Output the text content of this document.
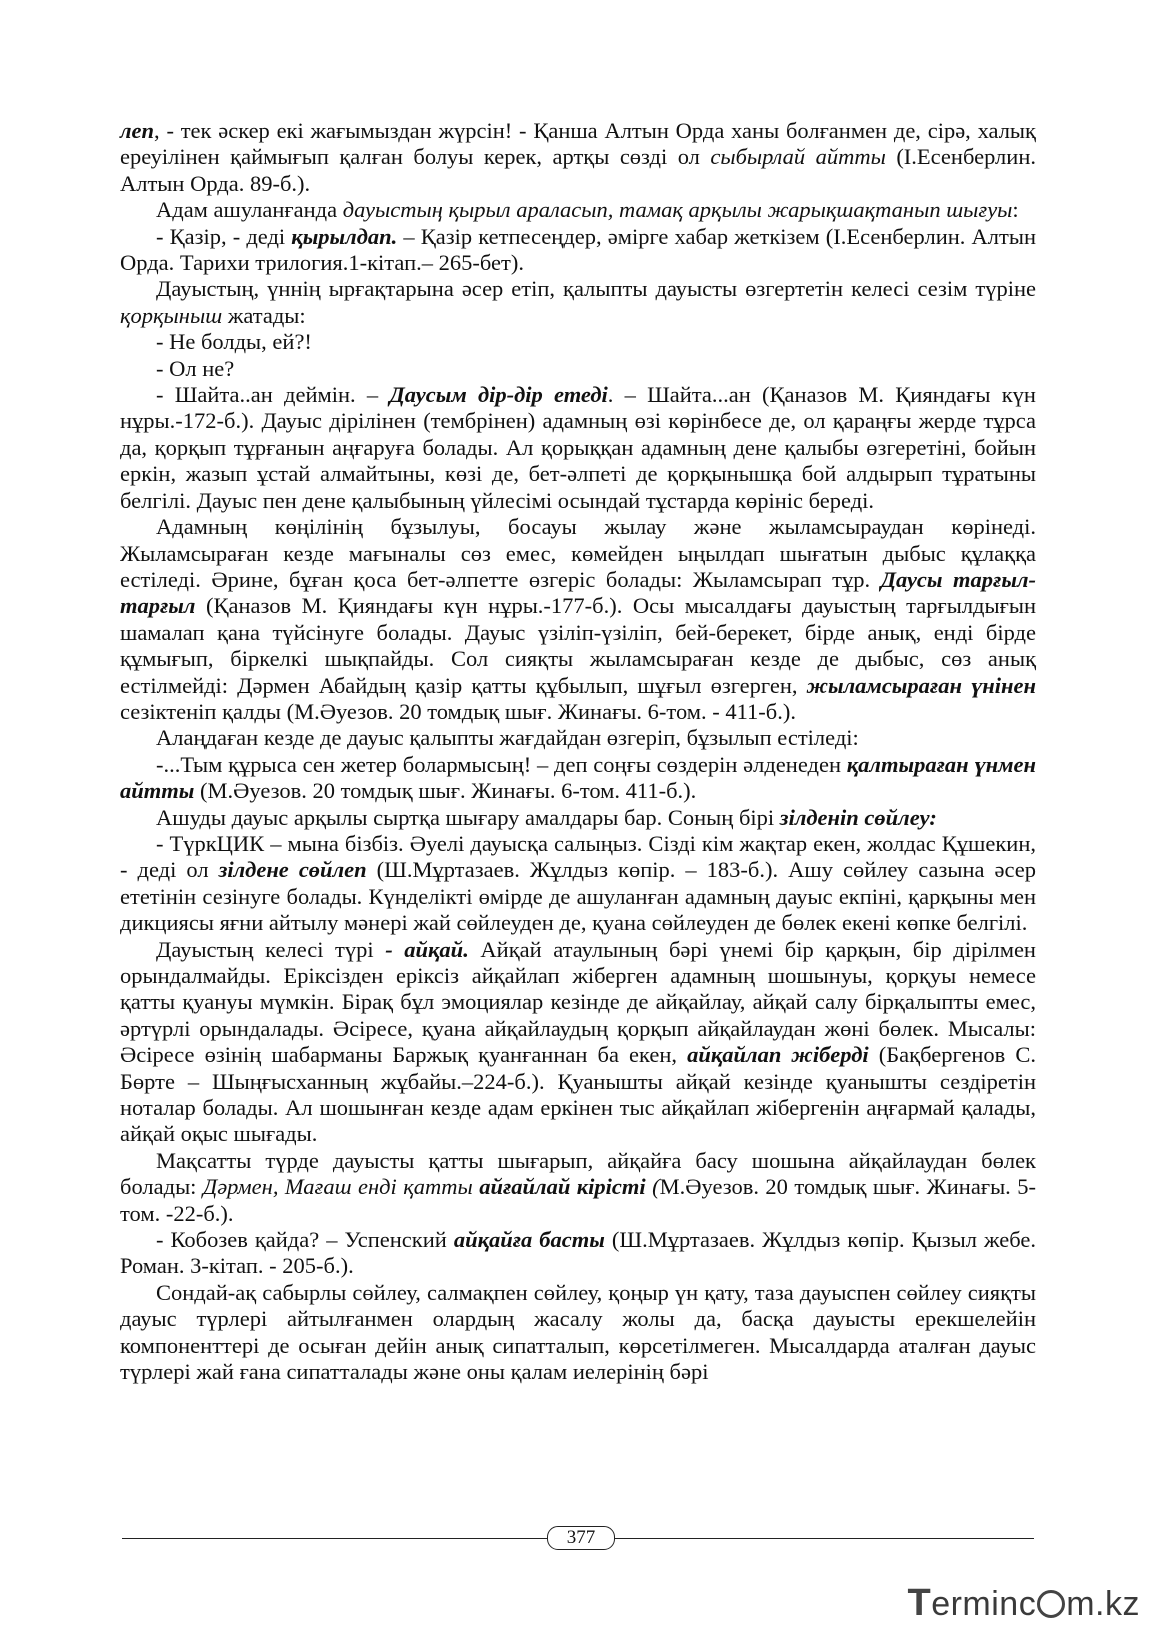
леп, - тек әскер екі жағымыздан жүрсін! - Қанша Алтын Орда ханы болғанмен де, сірә, халық ереуілінен қаймығып қалған болуы керек, артқы сөзді ол сыбырлай айтты (І.Есенберлин. Алтын Орда. 89-б.).

Адам ашуланғанда дауыстың қырыл араласып, тамақ арқылы жарықшақтанып шығуы:

- Қазір, - деді қырылдап. – Қазір кетпесеңдер, әмірге хабар жеткізем (І.Есенберлин. Алтын Орда. Тарихи трилогия.1-кітап.– 265-бет).

Дауыстың, үннің ырғақтарына әсер етіп, қалыпты дауысты өзгертетін келесі сезім түріне қорқыныш жатады:

- Не болды, ей?!

- Ол не?

- Шайта..ан деймін. – Даусым дір-дір етеді. – Шайта...ан (Қаназов М. Қияндағы күн нұры.-172-б.). Дауыс дірілінен (тембрінен) адамның өзі көрінбесе де, ол қараңғы жерде тұрса да, қорқып тұрғанын аңғаруға болады. Ал қорыққан адамның дене қалыбы өзгеретіні, бойын еркін, жазып ұстай алмайтыны, көзі де, бет-әлпеті де қорқынышқа бой алдырып тұратыны белгілі. Дауыс пен дене қалыбының үйлесімі осындай тұстарда көрініс береді.

Адамның көңілінің бұзылуы, босауы жылау және жыламсыраудан көрінеді. Жыламсыраған кезде мағыналы сөз емес, көмейден ыңылдап шығатын дыбыс құлаққа естіледі. Әрине, бұған қоса бет-әлпетте өзгеріс болады: Жыламсырап тұр. Даусы тарғыл-тарғыл (Қаназов М. Қияндағы күн нұры.-177-б.). Осы мысалдағы дауыстың тарғылдығын шамалап қана түйсінуге болады. Дауыс үзіліп-үзіліп, бей-берекет, бірде анық, енді бірде құмығып, біркелкі шықпайды. Сол сияқты жыламсыраған кезде де дыбыс, сөз анық естілмейді: Дәрмен Абайдың қазір қатты құбылып, шұғыл өзгерген, жыламсыраған үнінен сезіктеніп қалды (М.Әуезов. 20 томдық шығ. Жинағы. 6-том. - 411-б.).

Алаңдаған кезде де дауыс қалыпты жағдайдан өзгеріп, бұзылып естіледі:

-...Тым құрыса сен жетер болармысың! – деп соңғы сөздерін әлденеден қалтыраған үнмен айтты (М.Әуезов. 20 томдық шығ. Жинағы. 6-том. 411-б.).

Ашуды дауыс арқылы сыртқа шығару амалдары бар. Соның бірі зілденіп сөйлеу:

- ТүркЦИК – мына бізбіз. Әуелі дауысқа салыңыз. Сізді кім жақтар екен, жолдас Құшекин, - деді ол зілдене сөйлеп (Ш.Мұртазаев. Жұлдыз көпір. – 183-б.). Ашу сөйлеу сазына әсер ететінін сезінуге болады. Күнделікті өмірде де ашуланған адамның дауыс екпіні, қарқыны мен дикциясы яғни айтылу мәнері жай сөйлеуден де, қуана сөйлеуден де бөлек екені көпке белгілі.

Дауыстың келесі түрі - айқай. Айқай атаулының бәрі үнемі бір қарқын, бір дірілмен орындалмайды. Еріксізден еріксіз айқайлап жіберген адамның шошынуы, қорқуы немесе қатты қуануы мүмкін. Бірақ бұл эмоциялар кезінде де айқайлау, айқай салу бірқалыпты емес, әртүрлі орындалады. Әсіресе, қуана айқайлаудың қорқып айқайлаудан жөні бөлек. Мысалы: Әсіресе өзінің шабарманы Баржық қуанғаннан ба екен, айқайлап жіберді (Бақбергенов С. Бөрте – Шыңғысханның жұбайы.–224-б.). Қуанышты айқай кезінде қуанышты сездіретін ноталар болады. Ал шошынған кезде адам еркінен тыс айқайлап жібергенін аңғармай қалады, айқай оқыс шығады.

Мақсатты түрде дауысты қатты шығарып, айқайға басу шошына айқайлаудан бөлек болады: Дәрмен, Мағаш енді қатты айғайлай кірісті (М.Әуезов. 20 томдық шығ. Жинағы. 5-том. -22-б.).

- Кобозев қайда? – Успенский айқайға басты (Ш.Мұртазаев. Жұлдыз көпір. Қызыл жебе. Роман. 3-кітап. - 205-б.).

Сондай-ақ сабырлы сөйлеу, салмақпен сөйлеу, қоңыр үн қату, таза дауыспен сөйлеу сияқты дауыс түрлері айтылғанмен олардың жасалу жолы да, басқа дауысты ерекшелейін компоненттері де осыған дейін анық сипатталып, көрсетілмеген. Мысалдарда аталған дауыс түрлері жай ғана сипатталады және оны қалам иелерінің бәрі

377
Terminc m.kz
